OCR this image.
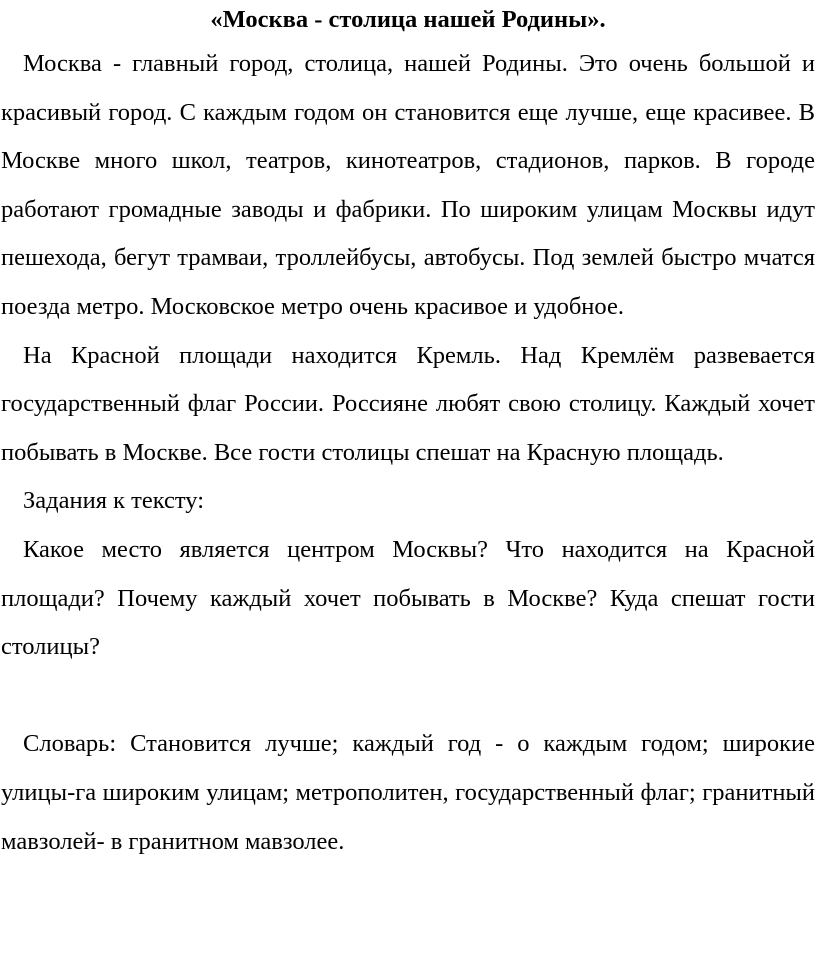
«Москва - столица нашей Родины».

Москва - главный город, столица, нашей Родины. Это очень большой и красивый город. С каждым годом он становится еще лучше, еще красивее. В Москве много школ, театров, кинотеатров, стадионов, парков. В городе работают громадные заводы и фабрики. По широким улицам Москвы идут пешехода, бегут трамваи, троллейбусы, автобусы. Под землей быстро мчатся поезда метро. Московское метро очень красивое и удобное.

На Красной площади находится Кремль. Над Кремлём развевается государственный флаг России. Россияне любят свою столицу. Каждый хочет побывать в Москве. Все гости столицы спешат на Красную площадь.

Задания к тексту:

Какое место является центром Москвы? Что находится на Красной площади? Почему каждый хочет побывать в Москве? Куда спешат гости столицы?

Словарь: Становится лучше; каждый год - о каждым годом; широкие улицы-га широким улицам; метрополитен, государственный флаг; гранитный мавзолей- в гранитном мавзолее.
